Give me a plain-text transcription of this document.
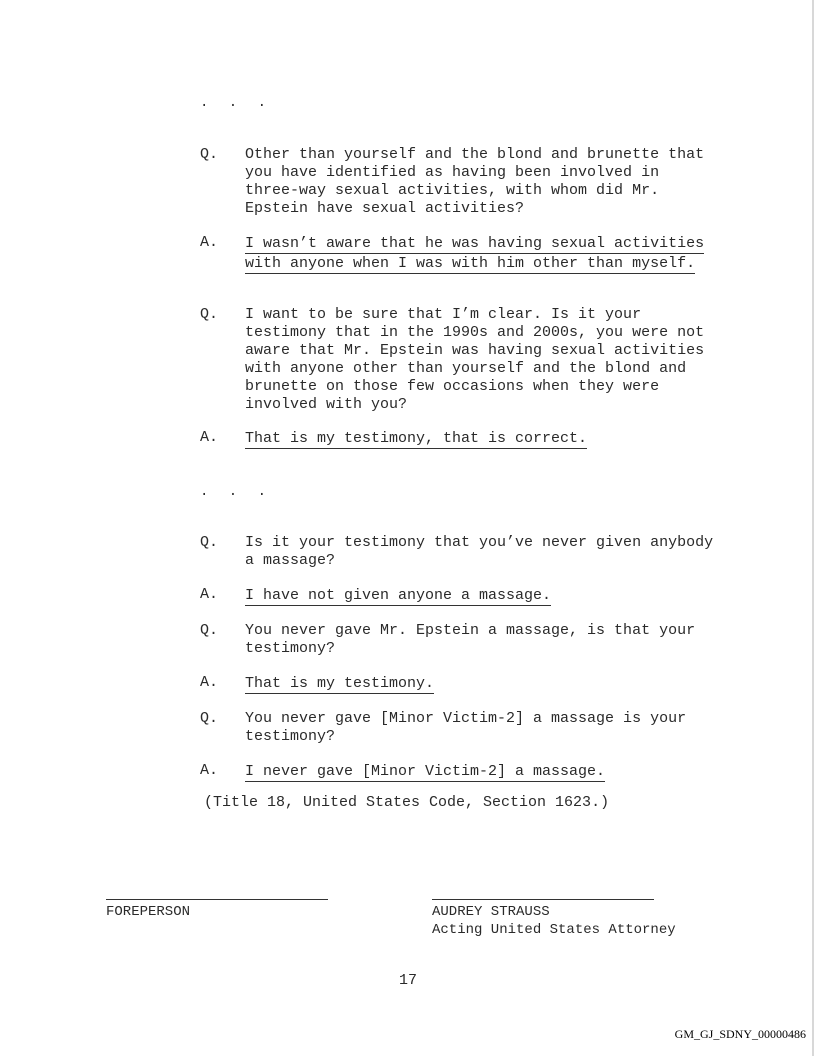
. . .
Q.	Other than yourself and the blond and brunette that you have identified as having been involved in three-way sexual activities, with whom did Mr. Epstein have sexual activities?
A.	I wasn’t aware that he was having sexual activities with anyone when I was with him other than myself.
Q.	I want to be sure that I’m clear. Is it your testimony that in the 1990s and 2000s, you were not aware that Mr. Epstein was having sexual activities with anyone other than yourself and the blond and brunette on those few occasions when they were involved with you?
A.	That is my testimony, that is correct.
. . .
Q.	Is it your testimony that you’ve never given anybody a massage?
A.	I have not given anyone a massage.
Q.	You never gave Mr. Epstein a massage, is that your testimony?
A.	That is my testimony.
Q.	You never gave [Minor Victim-2] a massage is your testimony?
A.	I never gave [Minor Victim-2] a massage.
(Title 18, United States Code, Section 1623.)
FOREPERSON	AUDREY STRAUSS
Acting United States Attorney
17
GM_GJ_SDNY_00000486
